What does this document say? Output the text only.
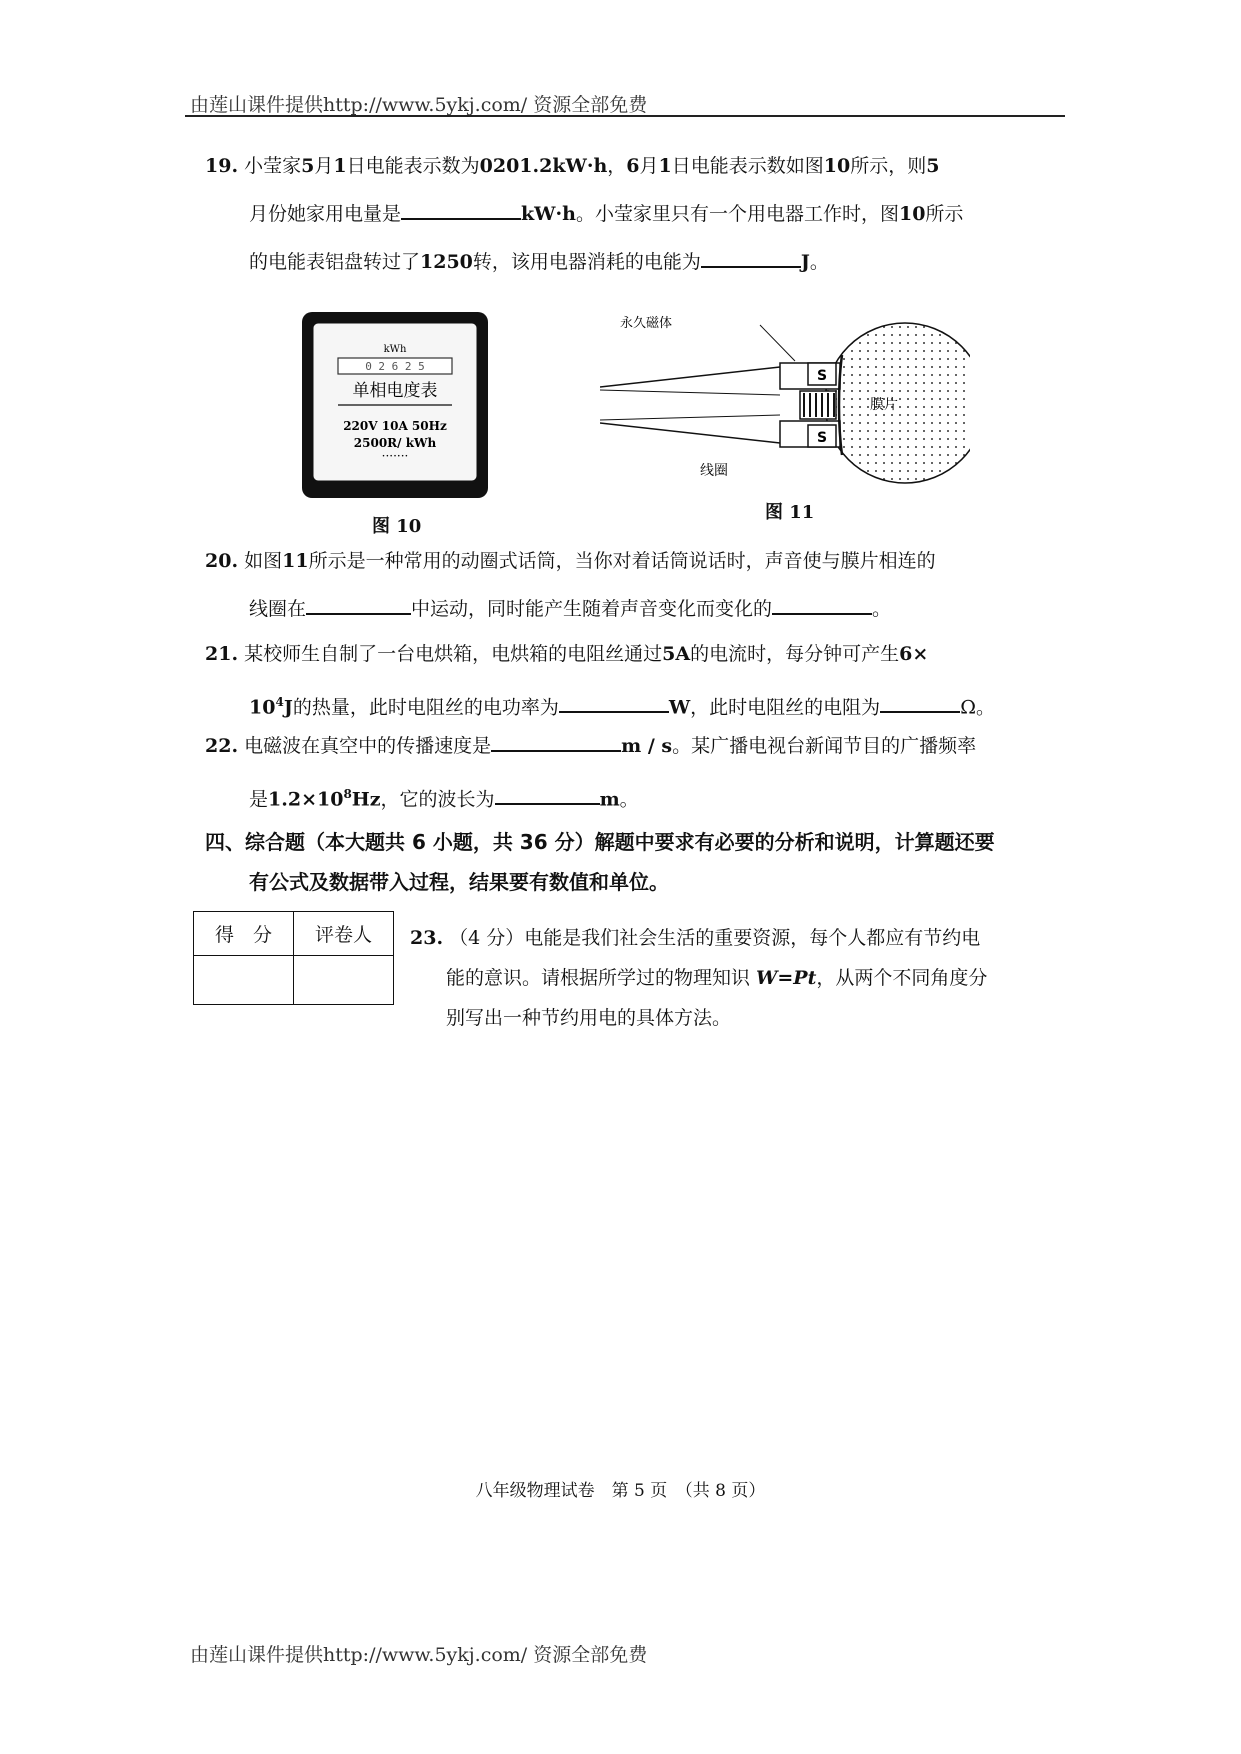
由莲山课件提供http://www.5ykj.com/ 资源全部免费
19. 小莹家5月1日电能表示数为0201.2kW·h，6月1日电能表示数如图10所示，则5
月份她家用电量是	kW·h。小莹家里只有一个用电器工作时，图10所示
的电能表铝盘转过了1250转，该用电器消耗的电能为	J。
kWh
0 2 6 2 5
单相电度表
220V 10A 50Hz
2500R/ kWh
·······
图 10
S
S
永久磁体
膜片
线圈
图 11
20. 如图11所示是一种常用的动圈式话筒，当你对着话筒说话时，声音使与膜片相连的
线圈在	中运动，同时能产生随着声音变化而变化的	。
21. 某校师生自制了一台电烘箱，电烘箱的电阻丝通过5A的电流时，每分钟可产生6×
$10^4J$的热量，此时电阻丝的电功率为	W，此时电阻丝的电阻为	Ω。
22. 电磁波在真空中的传播速度是	m / s。某广播电视台新闻节目的广播频率
是$1.2\times 10^8Hz$，它的波长为	m。
四、综合题（本大题共 6 小题，共 36 分）解题中要求有必要的分析和说明，计算题还要
有公式及数据带入过程，结果要有数值和单位。
得　分	评卷人
	23. （4 分）电能是我们社会生活的重要资源，每个人都应有节约电
能的意识。请根据所学过的物理知识 W=Pt，从两个不同角度分
别写出一种节约用电的具体方法。
八年级物理试卷　第 5 页　（共 8 页）
由莲山课件提供http://www.5ykj.com/ 资源全部免费
